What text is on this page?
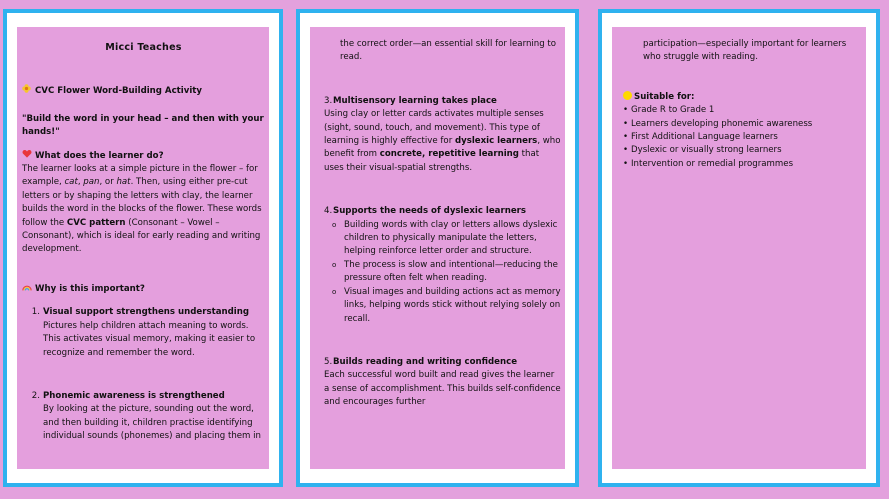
Micci Teaches

CVC Flower Word-Building Activity

"Build the word in your head – and then with your hands!"

What does the learner do?

The learner looks at a simple picture in the flower – for example, cat, pan, or hat. Then, using either pre-cut letters or by shaping the letters with clay, the learner builds the word in the blocks of the flower. These words follow the CVC pattern (Consonant – Vowel – Consonant), which is ideal for early reading and writing development.

Why is this important?

1. Visual support strengthens understanding

Pictures help children attach meaning to words. This activates visual memory, making it easier to recognize and remember the word.

2. Phonemic awareness is strengthened

By looking at the picture, sounding out the word, and then building it, children practise identifying individual sounds (phonemes) and placing them in

the correct order—an essential skill for learning to read.

3. Multisensory learning takes place

Using clay or letter cards activates multiple senses (sight, sound, touch, and movement). This type of learning is highly effective for dyslexic learners, who benefit from concrete, repetitive learning that uses their visual-spatial strengths.

4. Supports the needs of dyslexic learners
o Building words with clay or letters allows dyslexic children to physically manipulate the letters, helping reinforce letter order and structure.
o The process is slow and intentional—reducing the pressure often felt when reading.
o Visual images and building actions act as memory links, helping words stick without relying solely on recall.
5. Builds reading and writing confidence

Each successful word built and read gives the learner a sense of accomplishment. This builds self-confidence and encourages further

participation—especially important for learners who struggle with reading.

Suitable for:

• Grade R to Grade 1
• Learners developing phonemic awareness
• First Additional Language learners
• Dyslexic or visually strong learners
• Intervention or remedial programmes
